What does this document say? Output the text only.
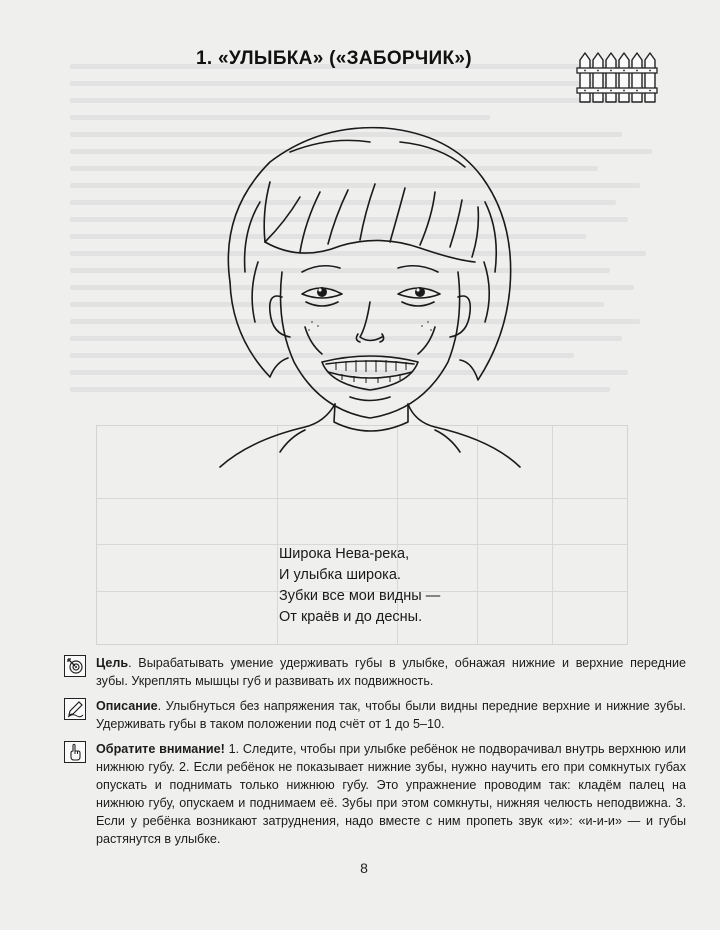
1. «УЛЫБКА» («ЗАБОРЧИК»)
Широка Нева-река,
И улыбка широка.
Зубки все мои видны —
От краёв и до десны.

Цель. Вырабатывать умение удерживать губы в улыбке, обнажая нижние и верхние передние зубы. Укреплять мышцы губ и развивать их подвижность.

Описание. Улыбнуться без напряжения так, чтобы были видны передние верхние и нижние зубы. Удерживать губы в таком положении под счёт от 1 до 5–10.

Обратите внимание! 1. Следите, чтобы при улыбке ребёнок не подворачивал внутрь верхнюю или нижнюю губу. 2. Если ребёнок не показывает нижние зубы, нужно научить его при сомкнутых губах опускать и поднимать только нижнюю губу. Это упражнение проводим так: кладём палец на нижнюю губу, опускаем и поднимаем её. Зубы при этом сомкнуты, нижняя челюсть неподвижна. 3. Если у ребёнка возникают затруднения, надо вместе с ним пропеть звук «и»: «и-и-и» — и губы растянутся в улыбке.

8
